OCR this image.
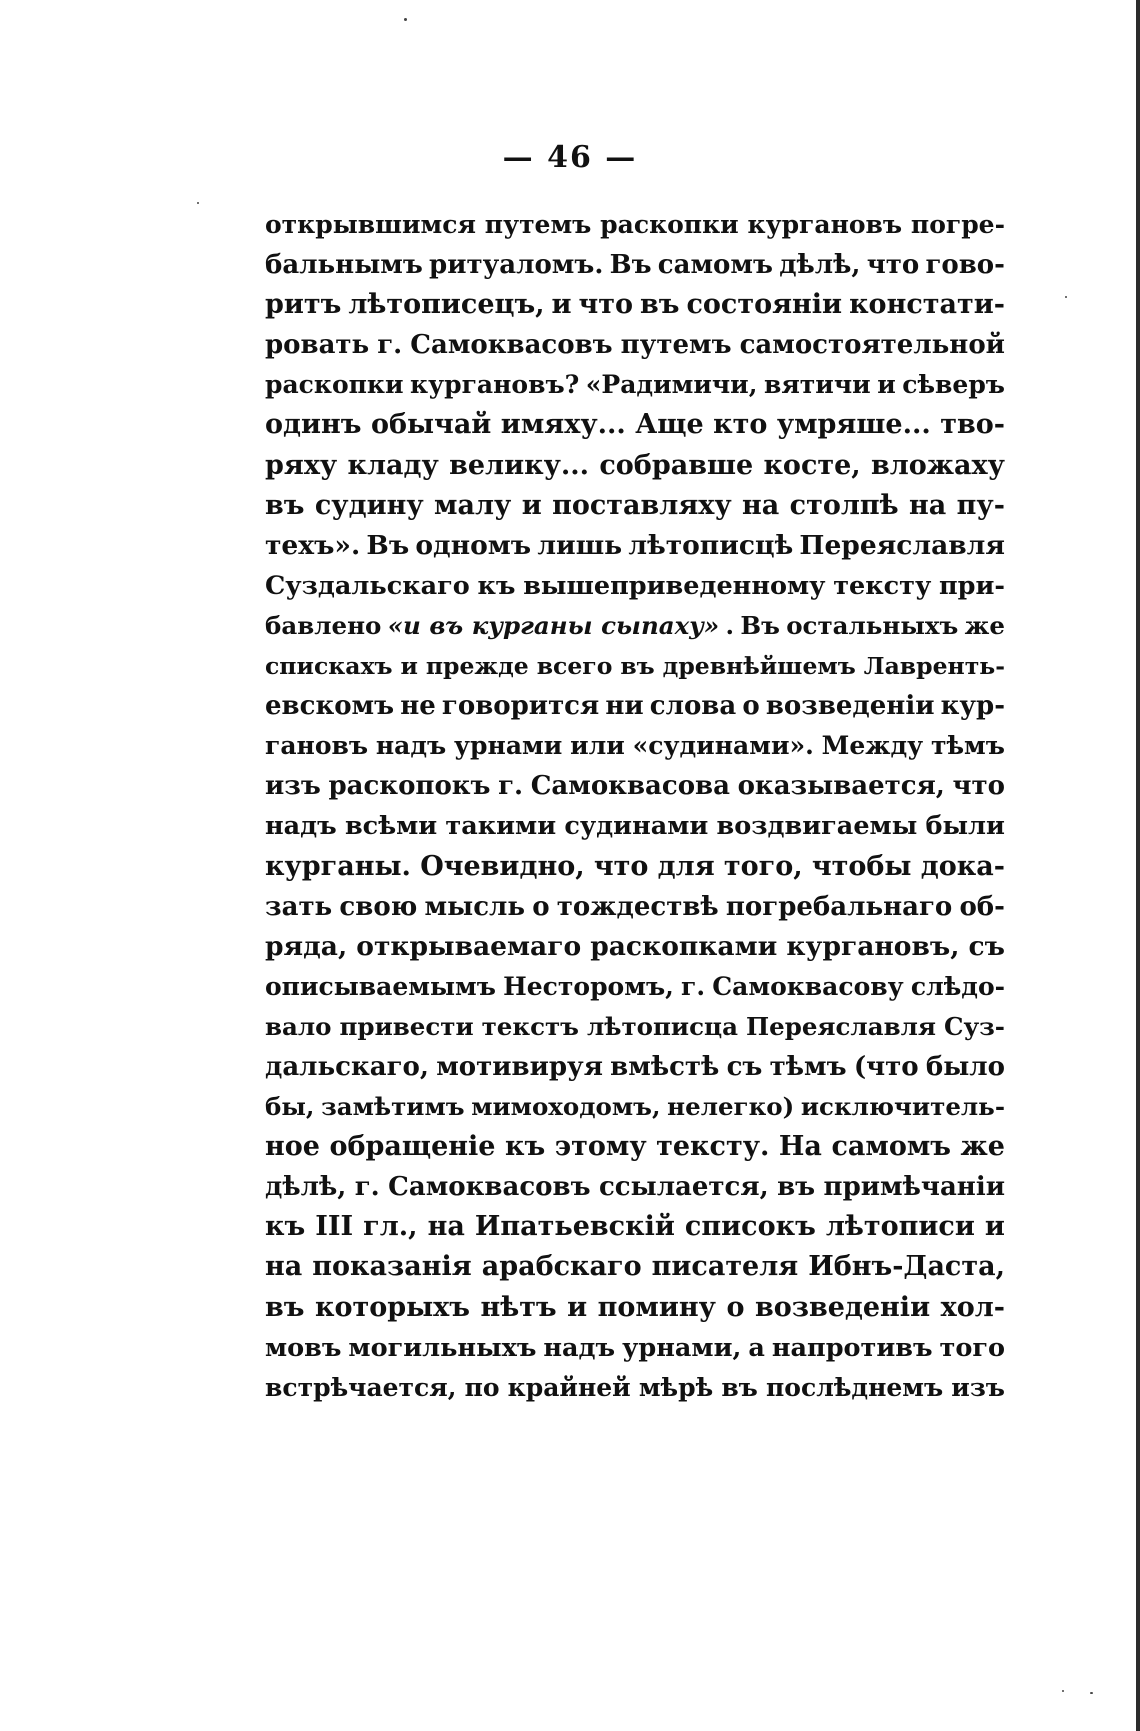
— 46 —
открывшимся путемъ раскопки кургановъ погре-
бальнымъ ритуаломъ. Въ самомъ дѣлѣ, что гово-
ритъ лѣтописецъ, и что въ состояніи констати-
ровать г. Самоквасовъ путемъ самостоятельной
раскопки кургановъ? «Радимичи, вятичи и сѣверъ
одинъ обычай имяху... Аще кто умряше... тво-
ряху кладу велику... собравше косте, вложаху
въ судину малу и поставляху на столпѣ на пу-
техъ». Въ одномъ лишь лѣтописцѣ Переяславля
Суздальскаго къ вышеприведенному тексту при-
бавлено «и въ курганы сыпаху» . Въ остальныхъ же
спискахъ и прежде всего въ древнѣйшемъ Лавренть-
евскомъ не говорится ни слова о возведеніи кур-
гановъ надъ урнами или «судинами». Между тѣмъ
изъ раскопокъ г. Самоквасова оказывается, что
надъ всѣми такими судинами воздвигаемы были
курганы. Очевидно, что для того, чтобы дока-
зать свою мысль о тождествѣ погребальнаго об-
ряда, открываемаго раскопками кургановъ, съ
описываемымъ Несторомъ, г. Самоквасову слѣдо-
вало привести текстъ лѣтописца Переяславля Суз-
дальскаго, мотивируя вмѣстѣ съ тѣмъ (что было
бы, замѣтимъ мимоходомъ, нелегко) исключитель-
ное обращеніе къ этому тексту. На самомъ же
дѣлѣ, г. Самоквасовъ ссылается, въ примѣчаніи
къ III гл., на Ипатьевскій списокъ лѣтописи и
на показанія арабскаго писателя Ибнъ-Даста,
въ которыхъ нѣтъ и помину о возведеніи хол-
мовъ могильныхъ надъ урнами, а напротивъ того
встрѣчается, по крайней мѣрѣ въ послѣднемъ изъ
